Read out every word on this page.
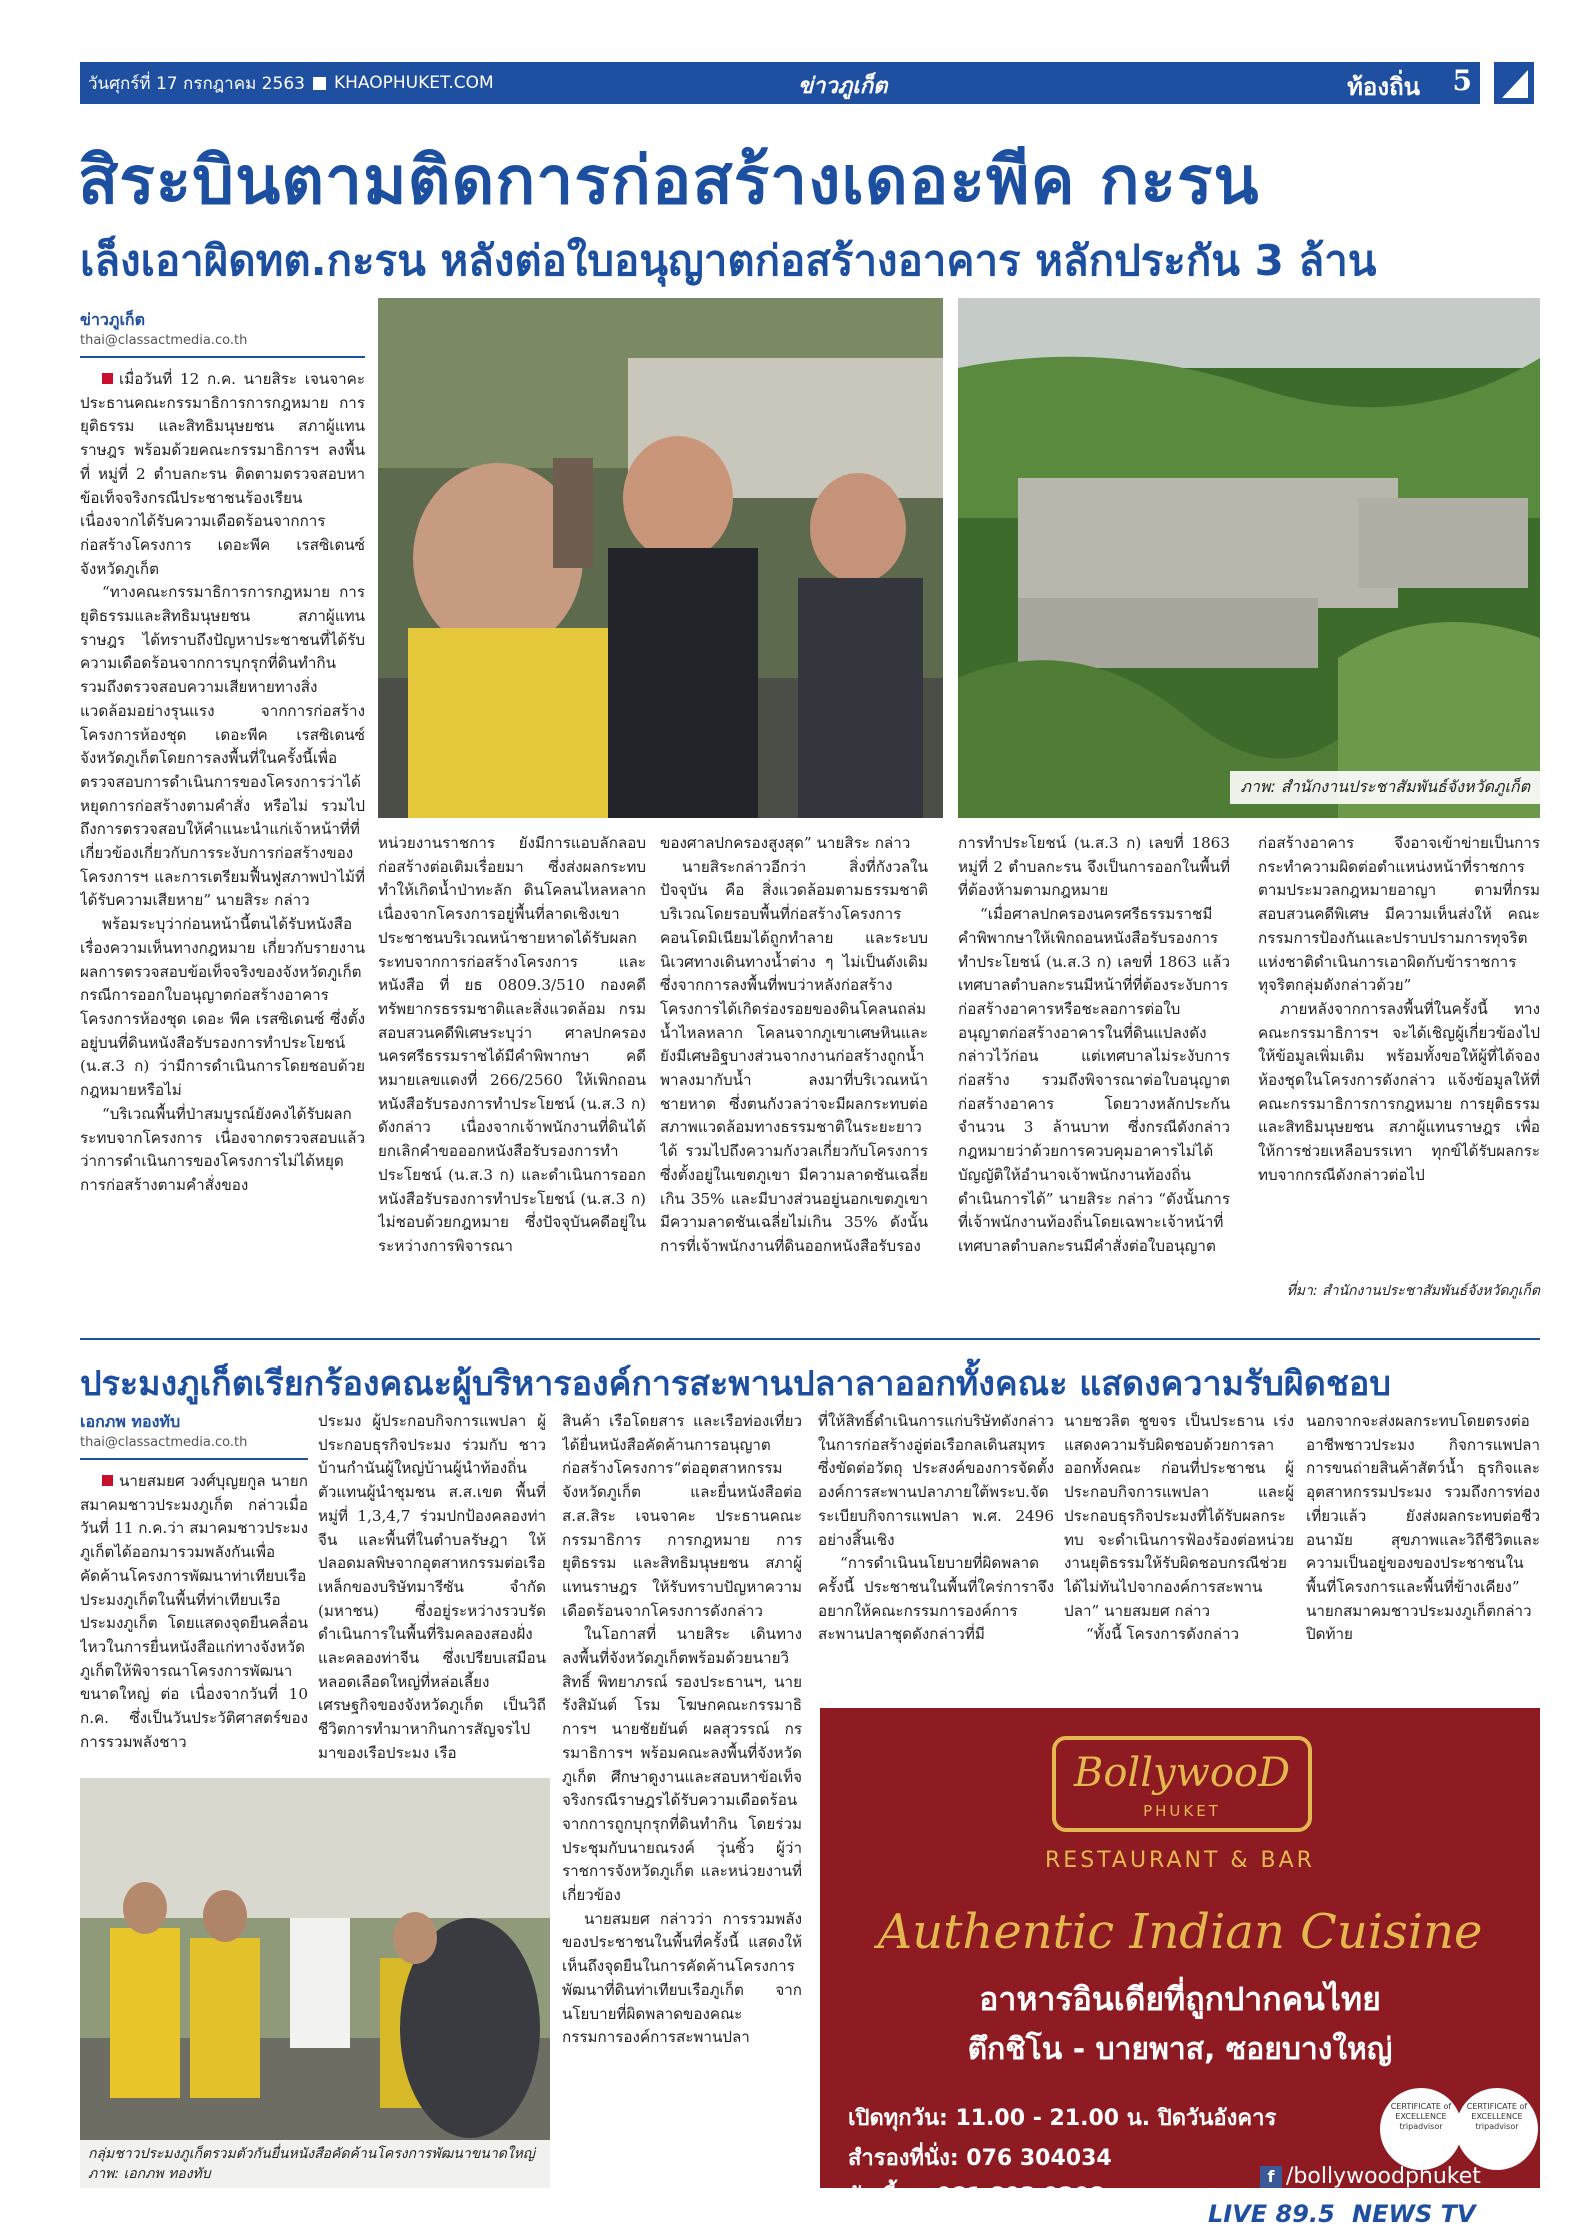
วันศุกร์ที่ 17 กรกฎาคม 2563 KHAOPHUKET.COM	ข่าวภูเก็ต	ท้องถิ่น 5
สิระบินตามติดการก่อสร้างเดอะพีค กะรน
เล็งเอาผิดทต.กะรน หลังต่อใบอนุญาตก่อสร้างอาคาร หลักประกัน 3 ล้าน
ข่าวภูเก็ต
thai@classactmedia.co.th
ภาพ: สำนักงานประชาสัมพันธ์จังหวัดภูเก็ต

เมื่อวันที่ 12 ก.ค. นายสิระ เจนจาคะ ประธานคณะกรรมาธิการการกฎหมาย การยุติธรรม และสิทธิมนุษยชน สภาผู้แทนราษฎร พร้อมด้วยคณะกรรมาธิการฯ ลงพื้นที่ หมู่ที่ 2 ตำบลกะรน ติดตามตรวจสอบหาข้อเท็จจริงกรณีประชาชนร้องเรียน เนื่องจากได้รับความเดือดร้อนจากการก่อสร้างโครงการ เดอะพีค เรสซิเดนซ์ จังหวัดภูเก็ต

“ทางคณะกรรมาธิการการกฎหมาย การยุติธรรมและสิทธิมนุษยชน สภาผู้แทนราษฎร ได้ทราบถึงปัญหาประชาชนที่ได้รับความเดือดร้อนจากการบุกรุกที่ดินทำกิน รวมถึงตรวจสอบความเสียหายทางสิ่งแวดล้อมอย่างรุนแรง จากการก่อสร้างโครงการห้องชุด เดอะพีค เรสซิเดนซ์ จังหวัดภูเก็ตโดยการลงพื้นที่ในครั้งนี้เพื่อตรวจสอบการดำเนินการของโครงการว่าได้หยุดการก่อสร้างตามคำสั่ง หรือไม่ รวมไปถึงการตรวจสอบให้คำแนะนำแก่เจ้าหน้าที่ที่เกี่ยวข้องเกี่ยวกับการระงับการก่อสร้างของโครงการฯ และการเตรียมฟื้นฟูสภาพป่าไม้ที่ได้รับความเสียหาย” นายสิระ กล่าว

พร้อมระบุว่าก่อนหน้านี้ตนได้รับหนังสือเรื่องความเห็นทางกฎหมาย เกี่ยวกับรายงานผลการตรวจสอบข้อเท็จจริงของจังหวัดภูเก็ต กรณีการออกใบอนุญาตก่อสร้างอาคารโครงการห้องชุด เดอะ พีค เรสซิเดนซ์ ซึ่งตั้งอยู่บนที่ดินหนังสือรับรองการทำประโยชน์ (น.ส.3 ก) ว่ามีการดำเนินการโดยชอบด้วยกฎหมายหรือไม่

“บริเวณพื้นที่ป่าสมบูรณ์ยังคงได้รับผลกระทบจากโครงการ เนื่องจากตรวจสอบแล้วว่าการดำเนินการของโครงการไม่ได้หยุดการก่อสร้างตามคำสั่งของ

หน่วยงานราชการ ยังมีการแอบลักลอบก่อสร้างต่อเติมเรื่อยมา ซึ่งส่งผลกระทบทำให้เกิดน้ำป่าทะลัก ดินโคลนไหลหลากเนื่องจากโครงการอยู่พื้นที่ลาดเชิงเขา ประชาชนบริเวณหน้าชายหาดได้รับผลกระทบจากการก่อสร้างโครงการ และหนังสือ ที่ ยธ 0809.3/510 กองคดีทรัพยากรธรรมชาติและสิ่งแวดล้อม กรมสอบสวนคดีพิเศษระบุว่า ศาลปกครองนครศรีธรรมราชได้มีคำพิพากษา คดีหมายเลขแดงที่ 266/2560 ให้เพิกถอนหนังสือรับรองการทำประโยชน์ (น.ส.3 ก) ดังกล่าว เนื่องจากเจ้าพนักงานที่ดินได้ยกเลิกคำขอออกหนังสือรับรองการทำประโยชน์ (น.ส.3 ก) และดำเนินการออกหนังสือรับรองการทำประโยชน์ (น.ส.3 ก) ไม่ชอบด้วยกฎหมาย ซึ่งปัจจุบันคดีอยู่ในระหว่างการพิจารณา

ของศาลปกครองสูงสุด” นายสิระ กล่าว

นายสิระกล่าวอีกว่า สิ่งที่กังวลในปัจจุบัน คือ สิ่งแวดล้อมตามธรรมชาติบริเวณโดยรอบพื้นที่ก่อสร้างโครงการคอนโดมิเนียมได้ถูกทำลาย และระบบนิเวศทางเดินทางน้ำต่าง ๆ ไม่เป็นดังเดิม ซึ่งจากการลงพื้นที่พบว่าหลังก่อสร้างโครงการได้เกิดร่องรอยของดินโคลนถล่ม น้ำไหลหลาก โคลนจากภูเขาเศษหินและยังมีเศษอิฐบางส่วนจากงานก่อสร้างถูกน้ำพาลงมากับน้ำ ลงมาที่บริเวณหน้าชายหาด ซึ่งตนกังวลว่าจะมีผลกระทบต่อสภาพแวดล้อมทางธรรมชาติในระยะยาวได้ รวมไปถึงความกังวลเกี่ยวกับโครงการซึ่งตั้งอยู่ในเขตภูเขา มีความลาดชันเฉลี่ยเกิน 35% และมีบางส่วนอยู่นอกเขตภูเขามีความลาดชันเฉลี่ยไม่เกิน 35% ดังนั้นการที่เจ้าพนักงานที่ดินออกหนังสือรับรอง

การทำประโยชน์ (น.ส.3 ก) เลขที่ 1863 หมู่ที่ 2 ตำบลกะรน จึงเป็นการออกในพื้นที่ที่ต้องห้ามตามกฎหมาย

“เมื่อศาลปกครองนครศรีธรรมราชมีคำพิพากษาให้เพิกถอนหนังสือรับรองการทำประโยชน์ (น.ส.3 ก) เลขที่ 1863 แล้ว เทศบาลตำบลกะรนมีหน้าที่ที่ต้องระงับการก่อสร้างอาคารหรือชะลอการต่อใบอนุญาตก่อสร้างอาคารในที่ดินแปลงดังกล่าวไว้ก่อน แต่เทศบาลไม่ระงับการก่อสร้าง รวมถึงพิจารณาต่อใบอนุญาตก่อสร้างอาคาร โดยวางหลักประกันจำนวน 3 ล้านบาท ซึ่งกรณีดังกล่าวกฎหมายว่าด้วยการควบคุมอาคารไม่ได้บัญญัติให้อำนาจเจ้าพนักงานท้องถิ่นดำเนินการได้” นายสิระ กล่าว “ดังนั้นการที่เจ้าพนักงานท้องถิ่นโดยเฉพาะเจ้าหน้าที่เทศบาลตำบลกะรนมีคำสั่งต่อใบอนุญาต

ก่อสร้างอาคาร จึงอาจเข้าข่ายเป็นการกระทำความผิดต่อตำแหน่งหน้าที่ราชการ ตามประมวลกฎหมายอาญา ตามที่กรมสอบสวนคดีพิเศษ มีความเห็นส่งให้ คณะกรรมการป้องกันและปราบปรามการทุจริตแห่งชาติดำเนินการเอาผิดกับข้าราชการทุจริตกลุ่มดังกล่าวด้วย”

ภายหลังจากการลงพื้นที่ในครั้งนี้ ทางคณะกรรมาธิการฯ จะได้เชิญผู้เกี่ยวข้องไปให้ข้อมูลเพิ่มเติม พร้อมทั้งขอให้ผู้ที่ได้จองห้องชุดในโครงการดังกล่าว แจ้งข้อมูลให้ที่คณะกรรมาธิการการกฎหมาย การยุติธรรม และสิทธิมนุษยชน สภาผู้แทนราษฎร เพื่อให้การช่วยเหลือบรรเทา ทุกข์ได้รับผลกระทบจากกรณีดังกล่าวต่อไป

ที่มา: สำนักงานประชาสัมพันธ์จังหวัดภูเก็ต
ประมงภูเก็ตเรียกร้องคณะผู้บริหารองค์การสะพานปลาลาออกทั้งคณะ แสดงความรับผิดชอบ
เอกภพ ทองทับ
thai@classactmedia.co.th

นายสมยศ วงศ์บุญยกูล นายกสมาคมชาวประมงภูเก็ต กล่าวเมื่อวันที่ 11 ก.ค.ว่า สมาคมชาวประมงภูเก็ตได้ออกมารวมพลังกันเพื่อคัดค้านโครงการพัฒนาท่าเทียบเรือประมงภูเก็ตในพื้นที่ท่าเทียบเรือประมงภูเก็ต โดยแสดงจุดยืนคลื่อนไหวในการยื่นหนังสือแก่ทางจังหวัดภูเก็ตให้พิจารณาโครงการพัฒนาขนาดใหญ่ ต่อ เนื่องจากวันที่ 10 ก.ค. ซึ่งเป็นวันประวัติศาสตร์ของการรวมพลังชาว

ประมง ผู้ประกอบกิจการแพปลา ผู้ประกอบธุรกิจประมง ร่วมกับ ชาวบ้านกำนันผู้ใหญ่บ้านผู้นำท้องถิ่น ตัวแทนผู้นำชุมชน ส.ส.เขต พื้นที่ หมู่ที่ 1,3,4,7 ร่วมปกป้องคลองท่าจีน และพื้นที่ในตำบลรัษฎา ให้ปลอดมลพิษจากอุตสาหกรรมต่อเรือเหล็กของบริษัทมารีซัน จำกัด (มหาชน) ซึ่งอยู่ระหว่างรวบรัดดำเนินการในพื้นที่ริมคลองสองฝั่งและคลองท่าจีน ซึ่งเปรียบเสมือนหลอดเลือดใหญ่ที่หล่อเลี้ยงเศรษฐกิจของจังหวัดภูเก็ต เป็นวิถีชีวิตการทำมาหากินการสัญจรไปมาของเรือประมง เรือ

สินค้า เรือโดยสาร และเรือท่องเที่ยว ได้ยื่นหนังสือคัดค้านการอนุญาตก่อสร้างโครงการ“ต่ออุตสาหกรรมจังหวัดภูเก็ต และยื่นหนังสือต่อ ส.ส.สิระ เจนจาคะ ประธานคณะกรรมาธิการ การกฎหมาย การยุติธรรม และสิทธิมนุษยชน สภาผู้แทนราษฎร ให้รับทราบปัญหาความเดือดร้อนจากโครงการดังกล่าว

ในโอกาสที่ นายสิระ เดินทางลงพื้นที่จังหวัดภูเก็ตพร้อมด้วยนายวิสิทธิ์ พิทยาภรณ์ รองประธานฯ, นายรังสิมันต์ โรม โฆษกคณะกรรมาธิการฯ นายชัยยันต์ ผลสุวรรณ์ กรรมาธิการฯ พร้อมคณะลงพื้นที่จังหวัดภูเก็ต ศึกษาดูงานและสอบหาข้อเท็จจริงกรณีราษฎรได้รับความเดือดร้อนจากการถูกบุกรุกที่ดินทำกิน โดยร่วมประชุมกับนายณรงค์ วุ่นซิ้ว ผู้ว่าราชการจังหวัดภูเก็ต และหน่วยงานที่เกี่ยวข้อง

นายสมยศ กล่าวว่า การรวมพลังของประชาชนในพื้นที่ครั้งนี้ แสดงให้เห็นถึงจุดยืนในการคัดค้านโครงการพัฒนาที่ดินท่าเทียบเรือภูเก็ต จากนโยบายที่ผิดพลาดของคณะกรรมการองค์การสะพานปลา

ที่ให้สิทธิ์ดำเนินการแก่บริษัทดังกล่าว ในการก่อสร้างอู่ต่อเรือกลเดินสมุทร ซึ่งขัดต่อวัตถุ ประสงค์ของการจัดตั้งองค์การสะพานปลาภายใต้พระบ.จัดระเบียบกิจการแพปลา พ.ศ. 2496 อย่างสิ้นเชิง

“การดำเนินนโยบายที่ผิดพลาดครั้งนี้ ประชาชนในพื้นที่ใคร่การาจึงอยากให้คณะกรรมการองค์การสะพานปลาชุดดังกล่าวที่มี

นายชวลิต ชูขจร เป็นประธาน เร่งแสดงความรับผิดชอบด้วยการลาออกทั้งคณะ ก่อนที่ประชาชน ผู้ประกอบกิจการแพปลา และผู้ประกอบธุรกิจประมงที่ได้รับผลกระทบ จะดำเนินการฟ้องร้องต่อหน่วยงานยุติธรรมให้รับผิดชอบกรณีช่วยได้ไม่ทันไปจากองค์การสะพานปลา” นายสมยศ กล่าว

“ทั้งนี้ โครงการดังกล่าว

นอกจากจะส่งผลกระทบโดยตรงต่ออาชีพชาวประมง กิจการแพปลา การขนถ่ายสินค้าสัตว์น้ำ ธุรกิจและอุตสาหกรรมประมง รวมถึงการท่องเที่ยวแล้ว ยังส่งผลกระทบต่อชีวอนามัย สุขภาพและวิถีชีวิตและความเป็นอยู่ของของประชาชนในพื้นที่โครงการและพื้นที่ข้างเคียง” นายกสมาคมชาวประมงภูเก็ตกล่าวปิดท้าย

กลุ่มชาวประมงภูเก็ตรวมตัวกันยื่นหนังสือคัดค้านโครงการพัฒนาขนาดใหญ่ ภาพ: เอกภพ ทองทับ
BollywooD
PHUKET
RESTAURANT & BAR
Authentic Indian Cuisine
อาหารอินเดียที่ถูกปากคนไทย
ตึกชิโน - บายพาส, ซอยบางใหญ่
เปิดทุกวัน: 11.00 - 21.00 น. ปิดวันอังคาร
สำรองที่นั่ง: 076 304034
จัดเลี้ยง: 081 892 9208
CERTIFICATE of EXCELLENCE tripadvisor
CERTIFICATE of EXCELLENCE tripadvisor
f /bollywoodphuket
LIVE 89.5 NEWS TV
